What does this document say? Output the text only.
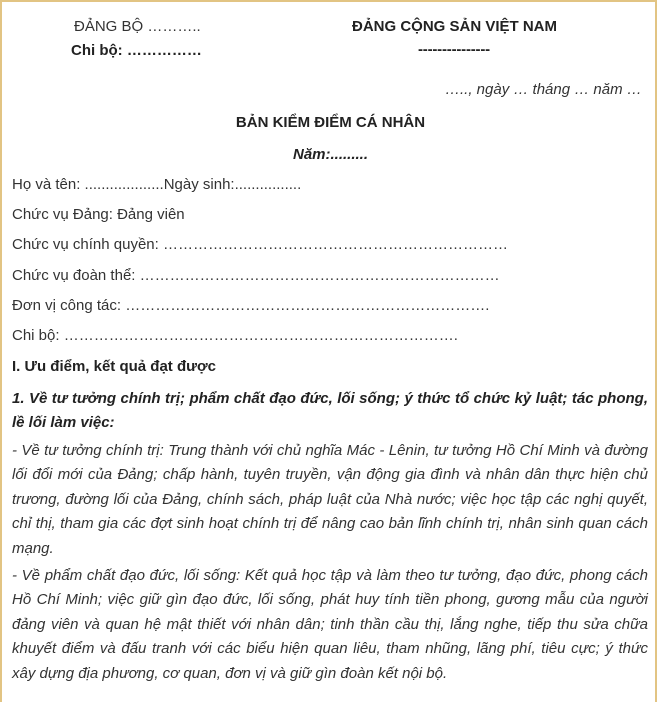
ĐẢNG BỘ ………..
Chi bộ: ……………
ĐẢNG CỘNG SẢN VIỆT NAM
---------------
….., ngày … tháng … năm …
BẢN KIỂM ĐIỂM CÁ NHÂN
Năm:.........
Họ và tên: ...................Ngày sinh:................
Chức vụ Đảng: Đảng viên
Chức vụ chính quyền: ……………………………………………………………
Chức vụ đoàn thể: ………………………………………………………………
Đơn vị công tác: ……………………………………………………………….
Chi bộ: …………………………………………………………………….
I. Ưu điểm, kết quả đạt được
1. Về tư tưởng chính trị; phẩm chất đạo đức, lối sống; ý thức tổ chức kỷ luật; tác phong, lề lối làm việc:
- Về tư tưởng chính trị: Trung thành với chủ nghĩa Mác - Lênin, tư tưởng Hồ Chí Minh và đường lối đổi mới của Đảng; chấp hành, tuyên truyền, vận động gia đình và nhân dân thực hiện chủ trương, đường lối của Đảng, chính sách, pháp luật của Nhà nước; việc học tập các nghị quyết, chỉ thị, tham gia các đợt sinh hoạt chính trị để nâng cao bản lĩnh chính trị, nhân sinh quan cách mạng.
- Về phẩm chất đạo đức, lối sống: Kết quả học tập và làm theo tư tưởng, đạo đức, phong cách Hồ Chí Minh; việc giữ gìn đạo đức, lối sống, phát huy tính tiền phong, gương mẫu của người đảng viên và quan hệ mật thiết với nhân dân; tinh thần cầu thị, lắng nghe, tiếp thu sửa chữa khuyết điểm và đấu tranh với các biểu hiện quan liêu, tham nhũng, lãng phí, tiêu cực; ý thức xây dựng địa phương, cơ quan, đơn vị và giữ gìn đoàn kết nội bộ.
